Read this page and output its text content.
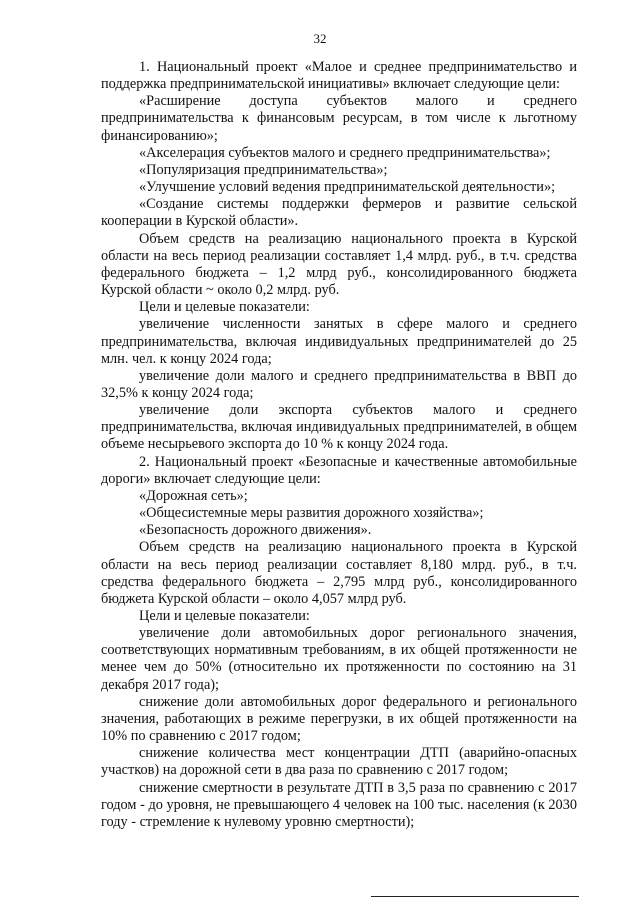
32

1. Национальный проект «Малое и среднее предпринимательство и поддержка предпринимательской инициативы» включает следующие цели:

«Расширение доступа субъектов малого и среднего предпринимательства к финансовым ресурсам, в том числе к льготному финансированию»;

«Акселерация субъектов малого и среднего предпринимательства»;

«Популяризация предпринимательства»;

«Улучшение условий ведения предпринимательской деятельности»;

«Создание системы поддержки фермеров и развитие сельской кооперации в Курской области».

Объем средств на реализацию национального проекта в Курской области на весь период реализации составляет 1,4 млрд. руб., в т.ч. средства федерального бюджета – 1,2 млрд руб., консолидированного бюджета Курской области ~ около 0,2 млрд. руб.

Цели и целевые показатели:

увеличение численности занятых в сфере малого и среднего предпринимательства, включая индивидуальных предпринимателей до 25 млн. чел. к концу 2024 года;

увеличение доли малого и среднего предпринимательства в ВВП до 32,5% к концу 2024 года;

увеличение доли экспорта субъектов малого и среднего предпринимательства, включая индивидуальных предпринимателей, в общем объеме несырьевого экспорта до 10 % к концу 2024 года.

2. Национальный проект «Безопасные и качественные автомобильные дороги» включает следующие цели:

«Дорожная сеть»;

«Общесистемные меры развития дорожного хозяйства»;

«Безопасность дорожного движения».

Объем средств на реализацию национального проекта в Курской области на весь период реализации составляет 8,180 млрд. руб., в т.ч. средства федерального бюджета – 2,795 млрд руб., консолидированного бюджета Курской области – около 4,057 млрд руб.

Цели и целевые показатели:

увеличение доли автомобильных дорог регионального значения, соответствующих нормативным требованиям, в их общей протяженности не менее чем до 50% (относительно их протяженности по состоянию на 31 декабря 2017 года);

снижение доли автомобильных дорог федерального и регионального значения, работающих в режиме перегрузки, в их общей протяженности на 10% по сравнению с 2017 годом;

снижение количества мест концентрации ДТП (аварийно-опасных участков) на дорожной сети в два раза по сравнению с 2017 годом;

снижение смертности в результате ДТП в 3,5 раза по сравнению с 2017 годом - до уровня, не превышающего 4 человек на 100 тыс. населения (к 2030 году - стремление к нулевому уровню смертности);
